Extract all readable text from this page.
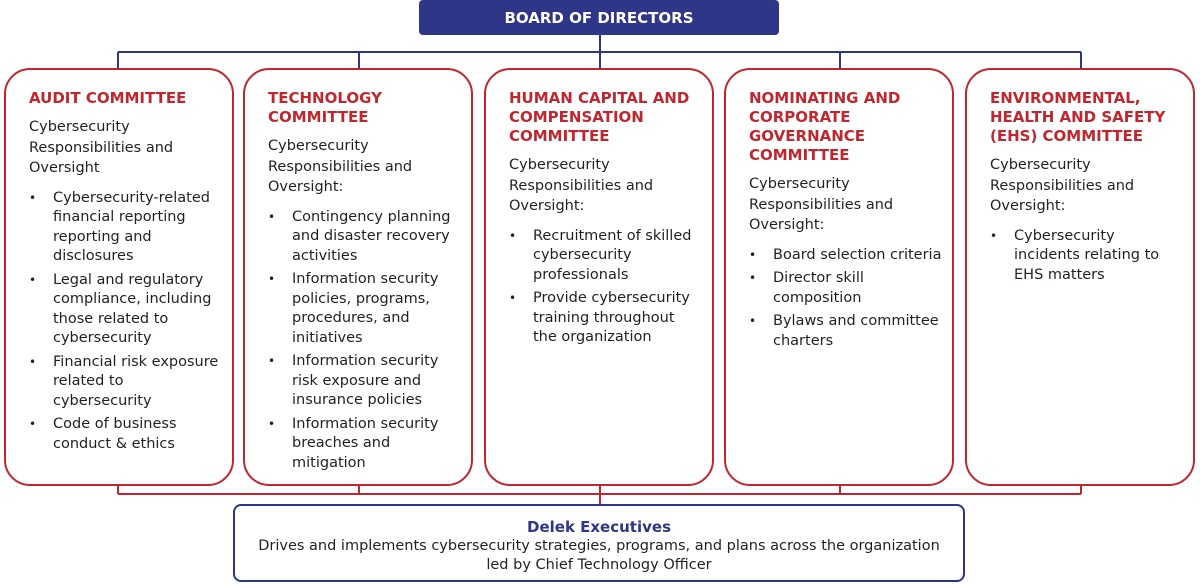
BOARD OF DIRECTORS
AUDIT COMMITTEE
Cybersecurity Responsibilities and Oversight
• Cybersecurity-related financial reporting reporting and disclosures
• Legal and regulatory compliance, including those related to cybersecurity
• Financial risk exposure related to cybersecurity
• Code of business conduct & ethics
TECHNOLOGY COMMITTEE
Cybersecurity Responsibilities and Oversight:
• Contingency planning and disaster recovery activities
• Information security policies, programs, procedures, and initiatives
• Information security risk exposure and insurance policies
• Information security breaches and mitigation
HUMAN CAPITAL AND COMPENSATION COMMITTEE
Cybersecurity Responsibilities and Oversight:
• Recruitment of skilled cybersecurity professionals
• Provide cybersecurity training throughout the organization
NOMINATING AND CORPORATE GOVERNANCE COMMITTEE
Cybersecurity Responsibilities and Oversight:
• Board selection criteria
• Director skill composition
• Bylaws and committee charters
ENVIRONMENTAL, HEALTH AND SAFETY (EHS) COMMITTEE
Cybersecurity Responsibilities and Oversight:
• Cybersecurity incidents relating to EHS matters
Delek Executives
Drives and implements cybersecurity strategies, programs, and plans across the organization led by Chief Technology Officer
